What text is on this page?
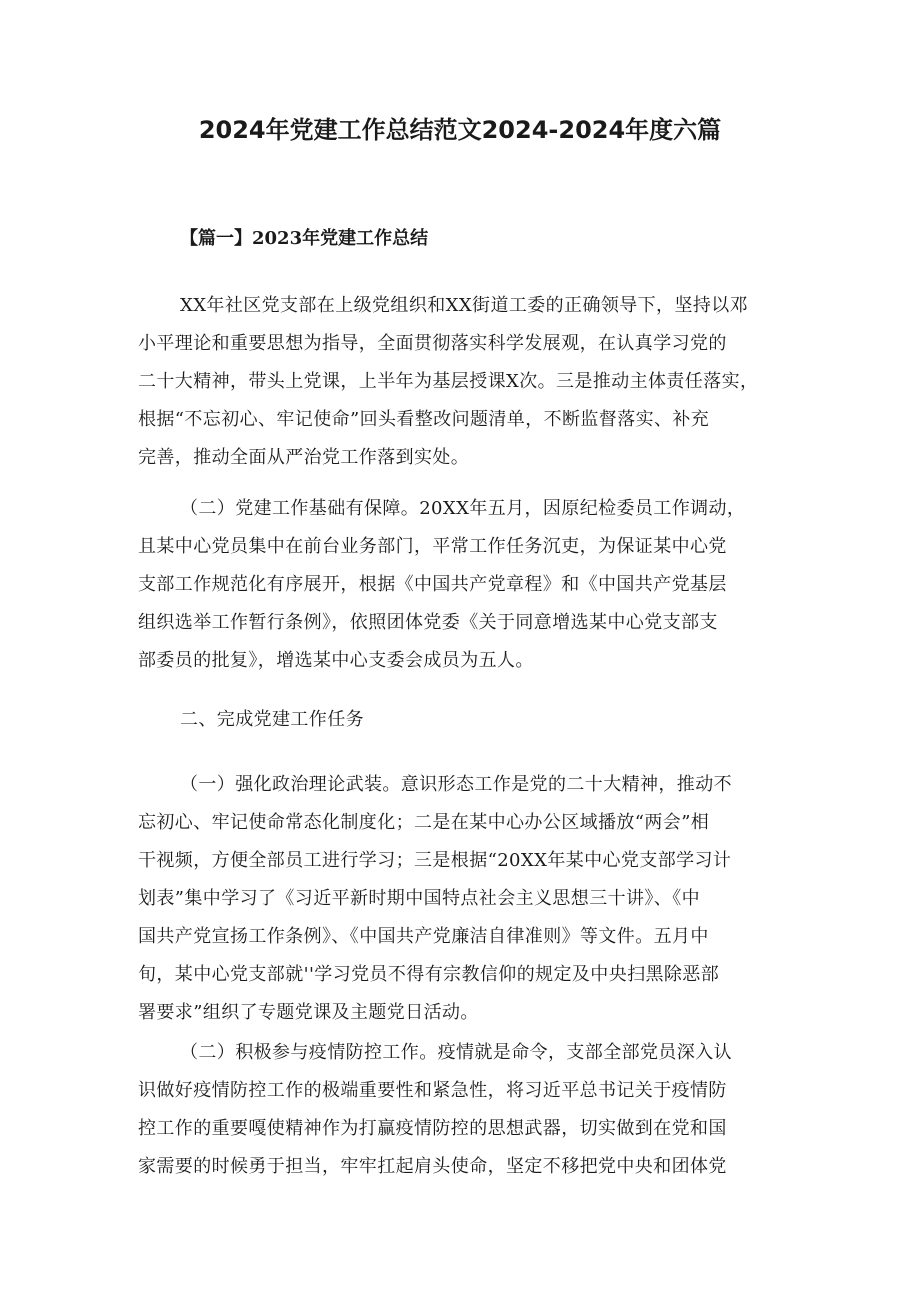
2024年党建工作总结范文2024-2024年度六篇
【篇一】2023年党建工作总结

XX年社区党支部在上级党组织和XX街道工委的正确领导下，坚持以邓
小平理论和重要思想为指导，全面贯彻落实科学发展观，在认真学习党的
二十大精神，带头上党课，上半年为基层授课X次。三是推动主体责任落实，
根据“不忘初心、牢记使命”回头看整改问题清单，不断监督落实、补充
完善，推动全面从严治党工作落到实处。

（二）党建工作基础有保障。20XX年五月，因原纪检委员工作调动，
且某中心党员集中在前台业务部门，平常工作任务沉吏，为保证某中心党
支部工作规范化有序展开，根据《中国共产党章程》和《中国共产党基层
组织选举工作暂行条例》，依照团体党委《关于同意增选某中心党支部支
部委员的批复》，增选某中心支委会成员为五人。

二、完成党建工作任务

（一）强化政治理论武装。意识形态工作是党的二十大精神，推动不
忘初心、牢记使命常态化制度化；二是在某中心办公区域播放“两会”相
干视频，方便全部员工进行学习；三是根据“20XX年某中心党支部学习计
划表”集中学习了《习近平新时期中国特点社会主义思想三十讲》、《中
国共产党宣扬工作条例》、《中国共产党廉洁自律准则》等文件。五月中
旬，某中心党支部就''学习党员不得有宗教信仰的规定及中央扫黑除恶部
署要求”组织了专题党课及主题党日活动。

（二）积极参与疫情防控工作。疫情就是命令，支部全部党员深入认
识做好疫情防控工作的极端重要性和紧急性，将习近平总书记关于疫情防
控工作的重要嘎使精神作为打赢疫情防控的思想武器，切实做到在党和国
家需要的时候勇于担当，牢牢扛起肩头使命，坚定不移把党中央和团体党
